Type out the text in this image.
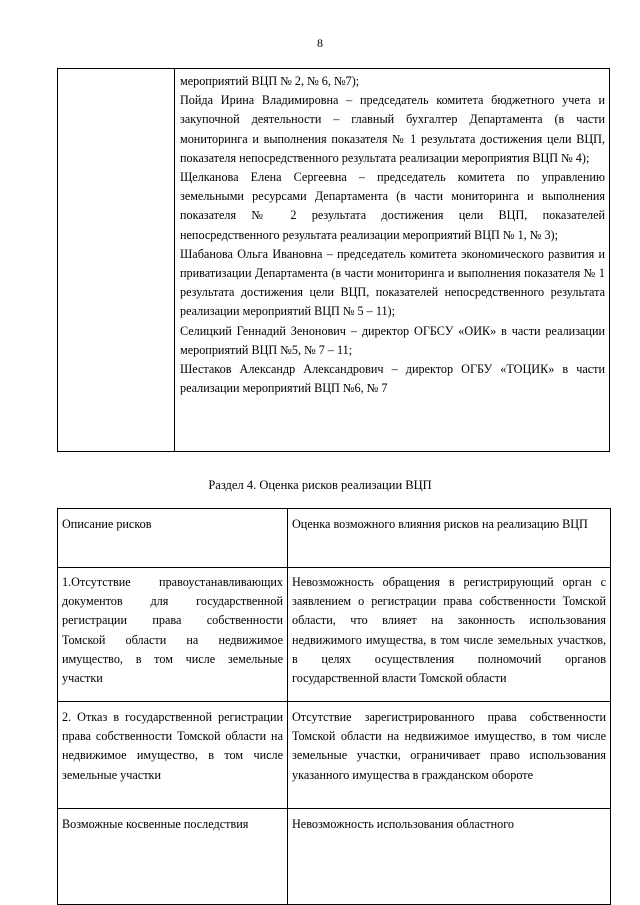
8

мероприятий ВЦП № 2, № 6, №7);

Пойда Ирина Владимировна – председатель комитета бюджетного учета и закупочной деятельности – главный бухгалтер Департамента (в части мониторинга и выполнения показателя № 1 результата достижения цели ВЦП, показателя непосредственного результата реализации мероприятия ВЦП № 4);

Щелканова Елена Сергеевна – председатель комитета по управлению земельными ресурсами Департамента (в части мониторинга и выполнения показателя № 2 результата достижения цели ВЦП, показателей непосредственного результата реализации мероприятий ВЦП № 1, № 3);

Шабанова Ольга Ивановна – председатель комитета экономического развития и приватизации Департамента (в части мониторинга и выполнения показателя № 1 результата достижения цели ВЦП, показателей непосредственного результата реализации мероприятий ВЦП № 5 – 11);

Селицкий Геннадий Зенонович – директор ОГБСУ «ОИК» в части реализации мероприятий ВЦП №5, № 7 – 11;

Шестаков Александр Александрович – директор ОГБУ «ТОЦИК» в части реализации мероприятий ВЦП №6, № 7

Раздел 4. Оценка рисков реализации ВЦП
Описание рисков	Оценка возможного влияния рисков на реализацию ВЦП
1.Отсутствие правоустанавливающих документов для государственной регистрации права собственности Томской области на недвижимое имущество, в том числе земельные участки	Невозможность обращения в регистрирующий орган с заявлением о регистрации права собственности Томской области, что влияет на законность использования недвижимого имущества, в том числе земельных участков, в целях осуществления полномочий органов государственной власти Томской области
2. Отказ в государственной регистрации права собственности Томской области на недвижимое имущество, в том числе земельные участки	Отсутствие зарегистрированного права собственности Томской области на недвижимое имущество, в том числе земельные участки, ограничивает право использования указанного имущества в гражданском обороте
Возможные косвенные последствия	Невозможность использования областного
